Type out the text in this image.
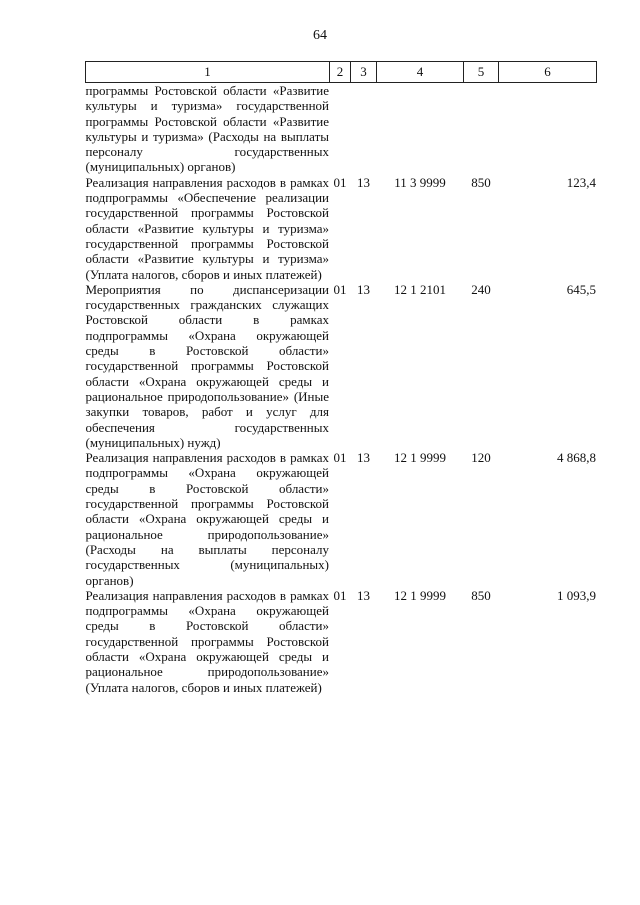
64
1	2	3	4	5	6
программы Ростовской области «Развитие культуры и туризма» государственной программы Ростовской области «Развитие культуры и туризма» (Расходы на выплаты персоналу государственных (муниципальных) органов)					
Реализация направления расходов в рамках подпрограммы «Обеспечение реализации государственной программы Ростовской области «Развитие культуры и туризма» государственной программы Ростовской области «Развитие культуры и туризма» (Уплата налогов, сборов и иных платежей)	01	13	11 3 9999	850	123,4
Мероприятия по диспансеризации государственных гражданских служащих Ростовской области в рамках подпрограммы «Охрана окружающей среды в Ростовской области» государственной программы Ростовской области «Охрана окружающей среды и рациональное природопользование» (Иные закупки товаров, работ и услуг для обеспечения государственных (муниципальных) нужд)	01	13	12 1 2101	240	645,5
Реализация направления расходов в рамках подпрограммы «Охрана окружающей среды в Ростовской области» государственной программы Ростовской области «Охрана окружающей среды и рациональное природопользование» (Расходы на выплаты персоналу государственных (муниципальных) органов)	01	13	12 1 9999	120	4 868,8
Реализация направления расходов в рамках подпрограммы «Охрана окружающей среды в Ростовской области» государственной программы Ростовской области «Охрана окружающей среды и рациональное природопользование» (Уплата налогов, сборов и иных платежей)	01	13	12 1 9999	850	1 093,9
